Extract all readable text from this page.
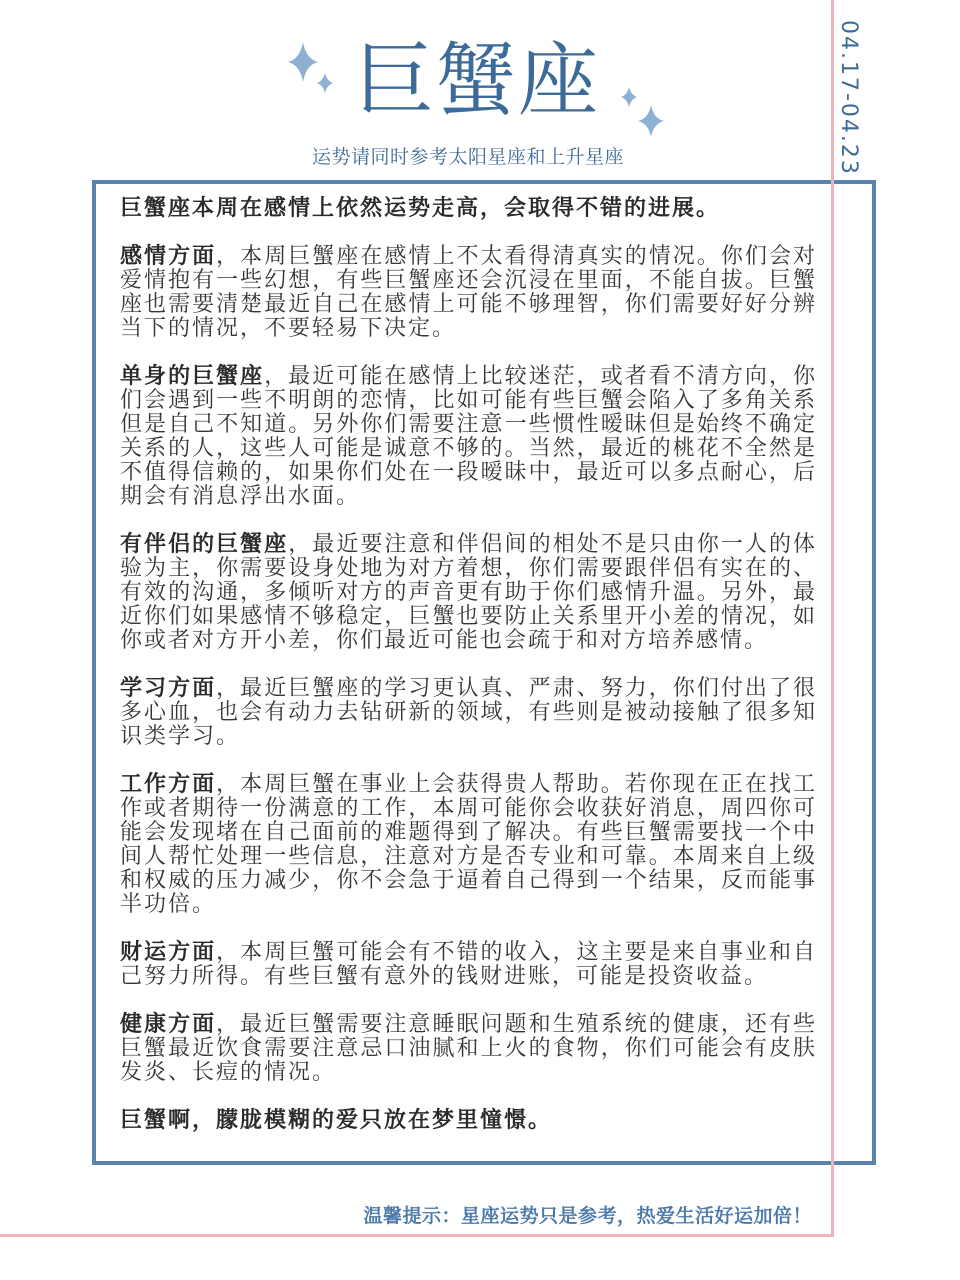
巨蟹座
运势请同时参考太阳星座和上升星座	04.17-04.23

巨蟹座本周在感情上依然运势走高，会取得不错的进展。

感情方面，本周巨蟹座在感情上不太看得清真实的情况。你们会对爱情抱有一些幻想，有些巨蟹座还会沉浸在里面，不能自拔。巨蟹座也需要清楚最近自己在感情上可能不够理智，你们需要好好分辨当下的情况，不要轻易下决定。

单身的巨蟹座，最近可能在感情上比较迷茫，或者看不清方向，你们会遇到一些不明朗的恋情，比如可能有些巨蟹会陷入了多角关系但是自己不知道。另外你们需要注意一些惯性暧昧但是始终不确定关系的人，这些人可能是诚意不够的。当然，最近的桃花不全然是不值得信赖的，如果你们处在一段暧昧中，最近可以多点耐心，后期会有消息浮出水面。

有伴侣的巨蟹座，最近要注意和伴侣间的相处不是只由你一人的体验为主，你需要设身处地为对方着想，你们需要跟伴侣有实在的、有效的沟通，多倾听对方的声音更有助于你们感情升温。另外，最近你们如果感情不够稳定，巨蟹也要防止关系里开小差的情况，如你或者对方开小差，你们最近可能也会疏于和对方培养感情。

学习方面，最近巨蟹座的学习更认真、严肃、努力，你们付出了很多心血，也会有动力去钻研新的领域，有些则是被动接触了很多知识类学习。

工作方面，本周巨蟹在事业上会获得贵人帮助。若你现在正在找工作或者期待一份满意的工作，本周可能你会收获好消息，周四你可能会发现堵在自己面前的难题得到了解决。有些巨蟹需要找一个中间人帮忙处理一些信息，注意对方是否专业和可靠。本周来自上级和权威的压力减少，你不会急于逼着自己得到一个结果，反而能事半功倍。

财运方面，本周巨蟹可能会有不错的收入，这主要是来自事业和自己努力所得。有些巨蟹有意外的钱财进账，可能是投资收益。

健康方面，最近巨蟹需要注意睡眠问题和生殖系统的健康，还有些巨蟹最近饮食需要注意忌口油腻和上火的食物，你们可能会有皮肤发炎、长痘的情况。

巨蟹啊，朦胧模糊的爱只放在梦里憧憬。

温馨提示：星座运势只是参考，热爱生活好运加倍！
